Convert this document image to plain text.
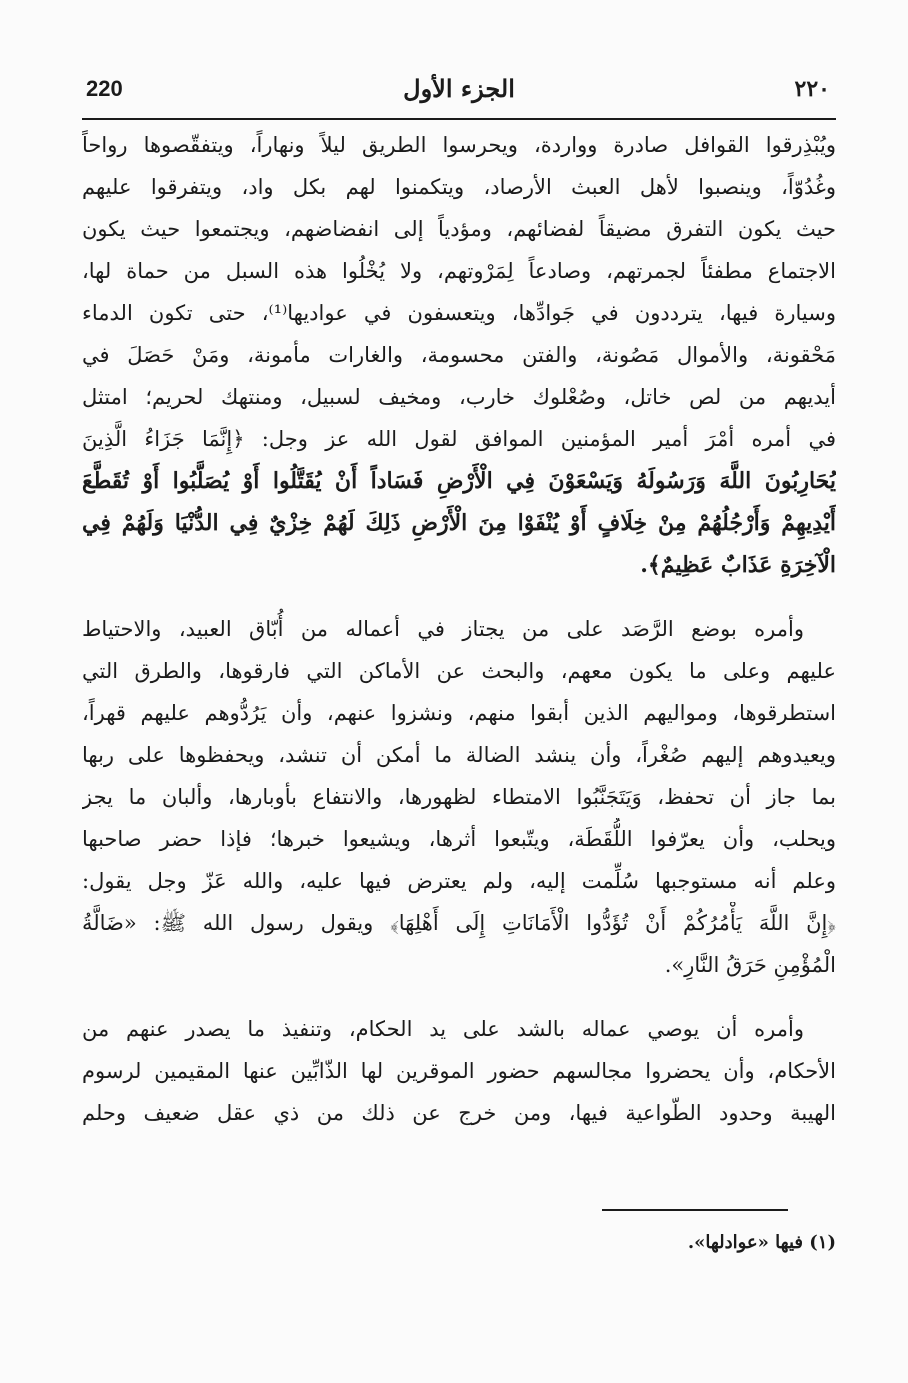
220	الجزء الأول	٢٢٠
ويُبْذِرقوا القوافل صادرة وواردة، ويحرسوا الطريق ليلاً ونهاراً، ويتفقّصوها رواحاً
وغُدُوّاً، وينصبوا لأهل العبث الأرصاد، ويتكمنوا لهم بكل واد، ويتفرقوا عليهم
حيث يكون التفرق مضيقاً لفضائهم، ومؤدياً إلى انفضاضهم، ويجتمعوا حيث يكون
الاجتماع مطفئاً لجمرتهم، وصادعاً لِمَرْوتهم، ولا يُخْلُوا هذه السبل من حماة لها،
وسيارة فيها، يترددون في جَوادِّها، ويتعسفون في عواديها⁽¹⁾، حتى تكون الدماء
مَحْقونة، والأموال مَصُونة، والفتن محسومة، والغارات مأمونة، ومَنْ حَصَلَ في
أيديهم من لص خاتل، وصُعْلوك خارب، ومخيف لسبيل، ومنتهك لحريم؛ امتثل
في أمره أمْرَ أمير المؤمنين الموافق لقول الله عز وجل: ﴿إِنَّمَا جَزَاءُ الَّذِينَ
يُحَارِبُونَ اللَّهَ وَرَسُولَهُ وَيَسْعَوْنَ فِي الْأَرْضِ فَسَاداً أَنْ يُقَتَّلُوا أَوْ يُصَلَّبُوا أَوْ تُقَطَّعَ
أَيْدِيهِمْ وَأَرْجُلُهُمْ مِنْ خِلَافٍ أَوْ يُنْفَوْا مِنَ الْأَرْضِ ذَلِكَ لَهُمْ خِزْيٌ فِي الدُّنْيَا وَلَهُمْ فِي
الْآخِرَةِ عَذَابٌ عَظِيمٌ﴾.
وأمره بوضع الرَّصَد على من يجتاز في أعماله من أُبّاق العبيد، والاحتياط
عليهم وعلى ما يكون معهم، والبحث عن الأماكن التي فارقوها، والطرق التي
استطرقوها، ومواليهم الذين أبقوا منهم، ونشزوا عنهم، وأن يَرُدُّوهم عليهم قهراً،
ويعيدوهم إليهم صُغْراً، وأن ينشد الضالة ما أمكن أن تنشد، ويحفظوها على ربها
بما جاز أن تحفظ، وَيَتَجَنَّبُوا الامتطاء لظهورها، والانتفاع بأوبارها، وألبان ما يجز
ويحلب، وأن يعرّفوا اللُّقَطَة، ويتّبعوا أثرها، ويشيعوا خبرها؛ فإذا حضر صاحبها
وعلم أنه مستوجبها سُلِّمت إليه، ولم يعترض فيها عليه، والله عَزّ وجل يقول:
﴿إِنَّ اللَّهَ يَأْمُرُكُمْ أَنْ تُؤَدُّوا الْأَمَانَاتِ إِلَى أَهْلِهَا﴾ ويقول رسول الله ﷺ: «ضَالَّةُ
الْمُؤْمِنِ حَرَقُ النَّارِ».
وأمره أن يوصي عماله بالشد على يد الحكام، وتنفيذ ما يصدر عنهم من
الأحكام، وأن يحضروا مجالسهم حضور الموقرين لها الذّابِّين عنها المقيمين لرسوم
الهيبة وحدود الطّواعية فيها، ومن خرج عن ذلك من ذي عقل ضعيف وحلم
(١) فيها «عوادلها».
